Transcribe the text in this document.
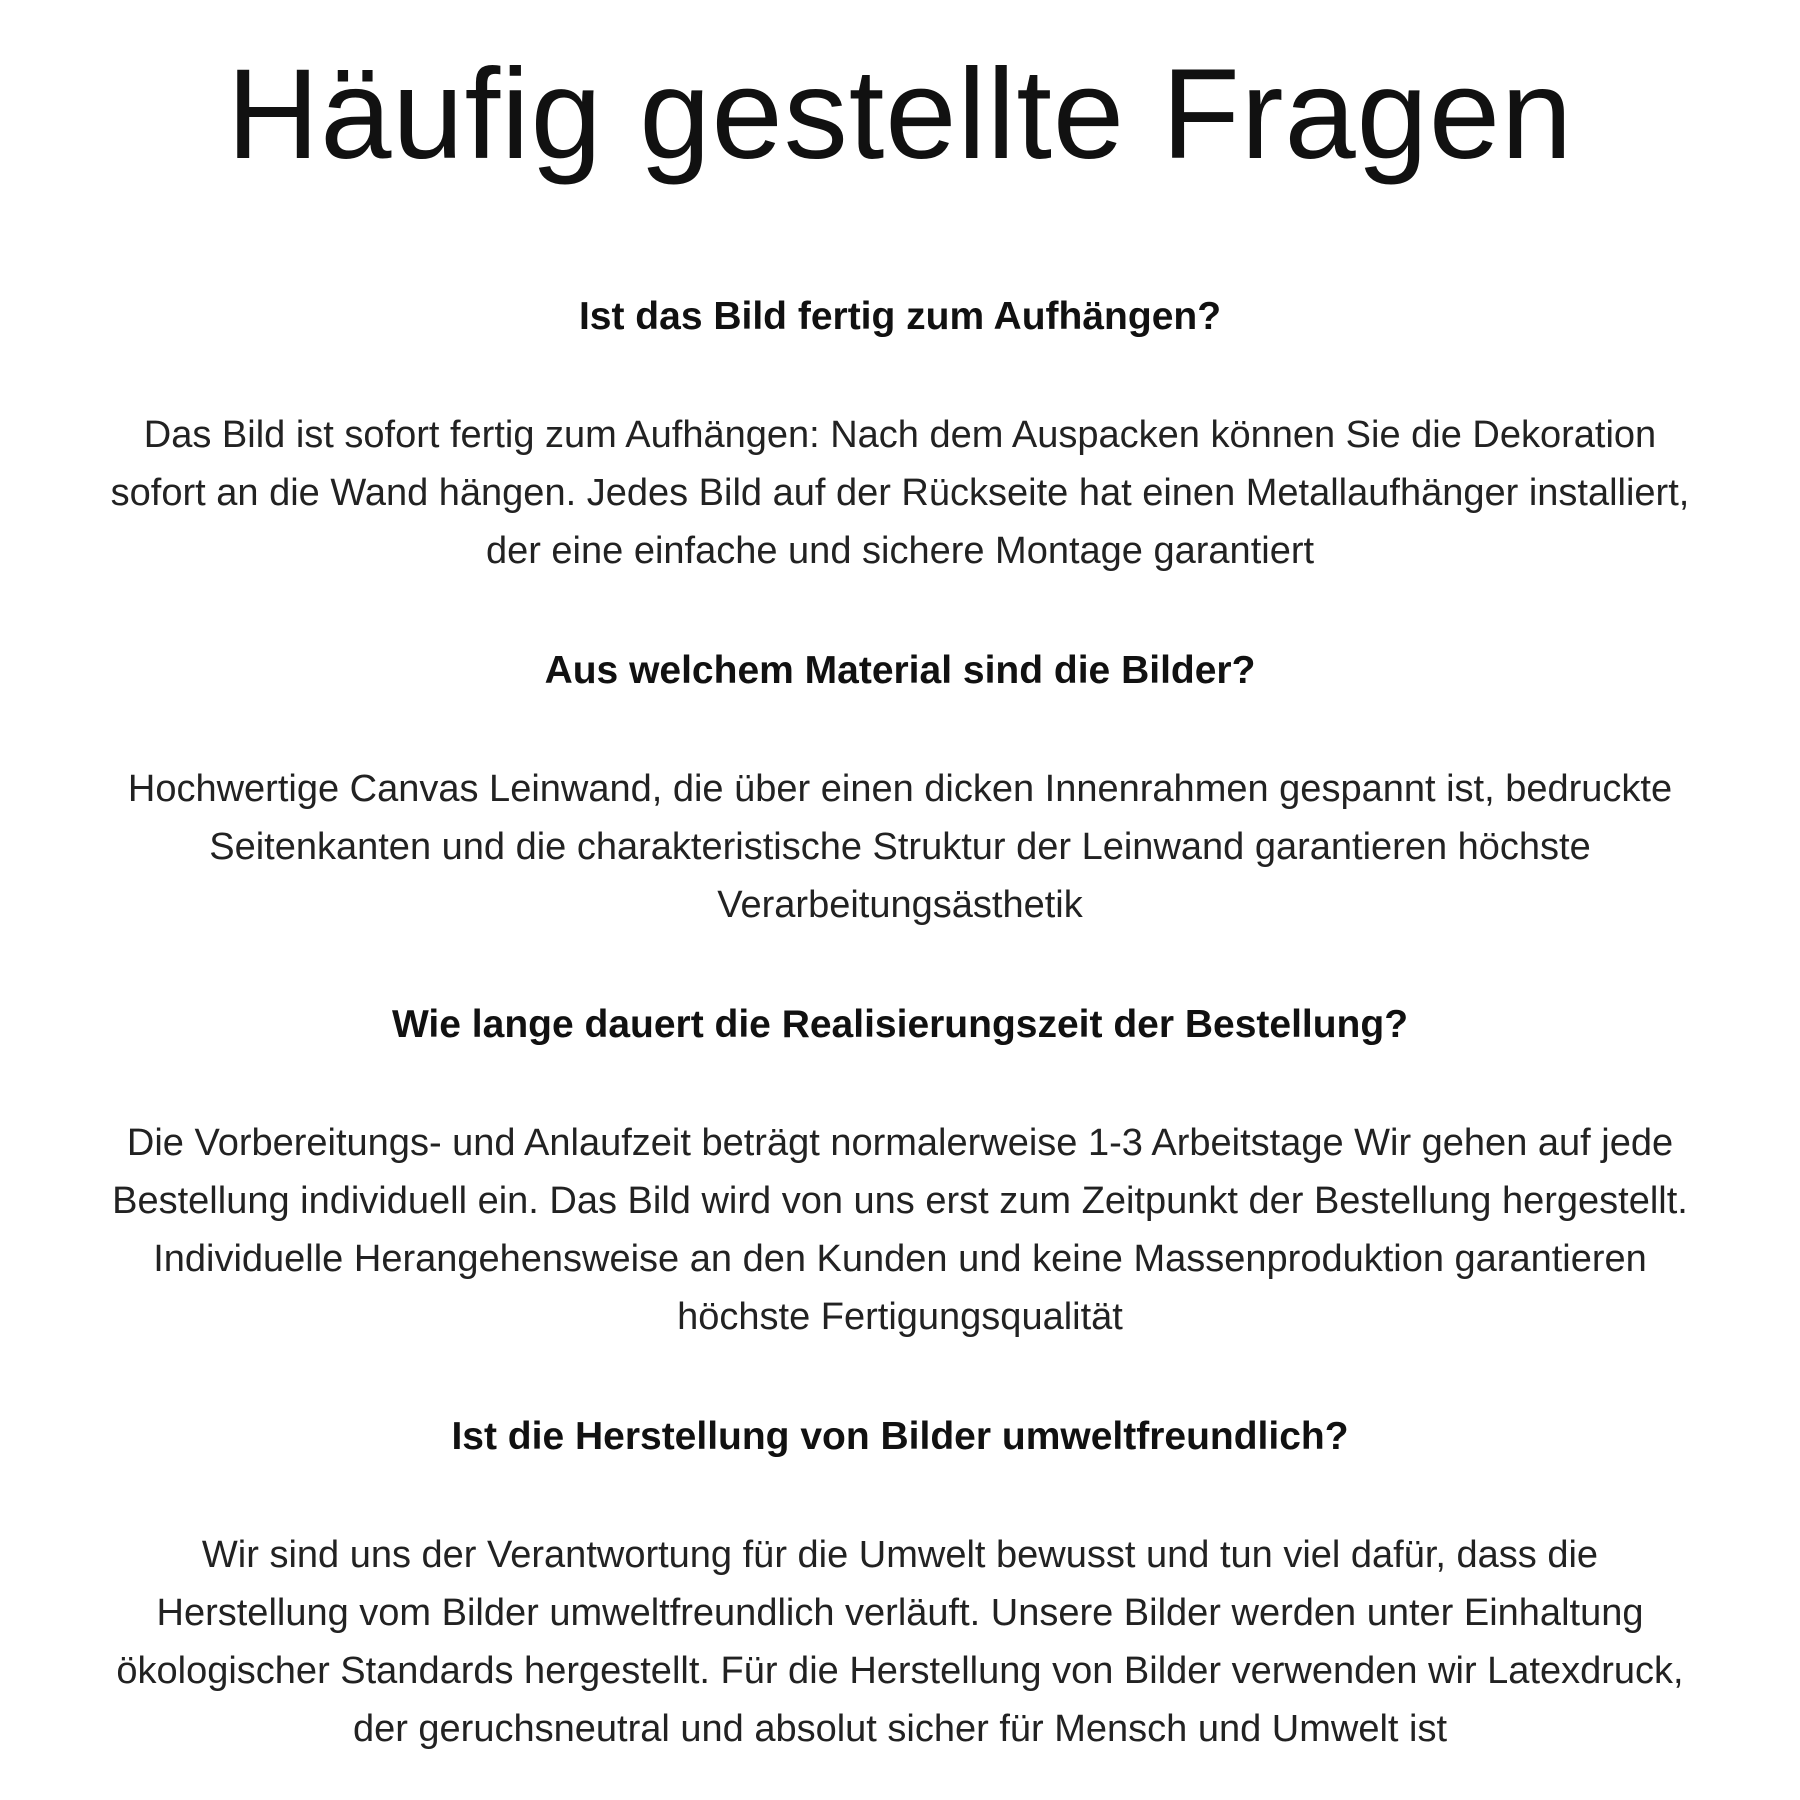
Häufig gestellte Fragen
Ist das Bild fertig zum Aufhängen?

Das Bild ist sofort fertig zum Aufhängen: Nach dem Auspacken können Sie die Dekoration
sofort an die Wand hängen. Jedes Bild auf der Rückseite hat einen Metallaufhänger installiert,
der eine einfache und sichere Montage garantiert

Aus welchem Material sind die Bilder?

Hochwertige Canvas Leinwand, die über einen dicken Innenrahmen gespannt ist, bedruckte
Seitenkanten und die charakteristische Struktur der Leinwand garantieren höchste
Verarbeitungsästhetik

Wie lange dauert die Realisierungszeit der Bestellung?

Die Vorbereitungs- und Anlaufzeit beträgt normalerweise 1-3 Arbeitstage Wir gehen auf jede
Bestellung individuell ein. Das Bild wird von uns erst zum Zeitpunkt der Bestellung hergestellt.
Individuelle Herangehensweise an den Kunden und keine Massenproduktion garantieren
höchste Fertigungsqualität

Ist die Herstellung von Bilder umweltfreundlich?

Wir sind uns der Verantwortung für die Umwelt bewusst und tun viel dafür, dass die
Herstellung vom Bilder umweltfreundlich verläuft. Unsere Bilder werden unter Einhaltung
ökologischer Standards hergestellt. Für die Herstellung von Bilder verwenden wir Latexdruck,
der geruchsneutral und absolut sicher für Mensch und Umwelt ist
